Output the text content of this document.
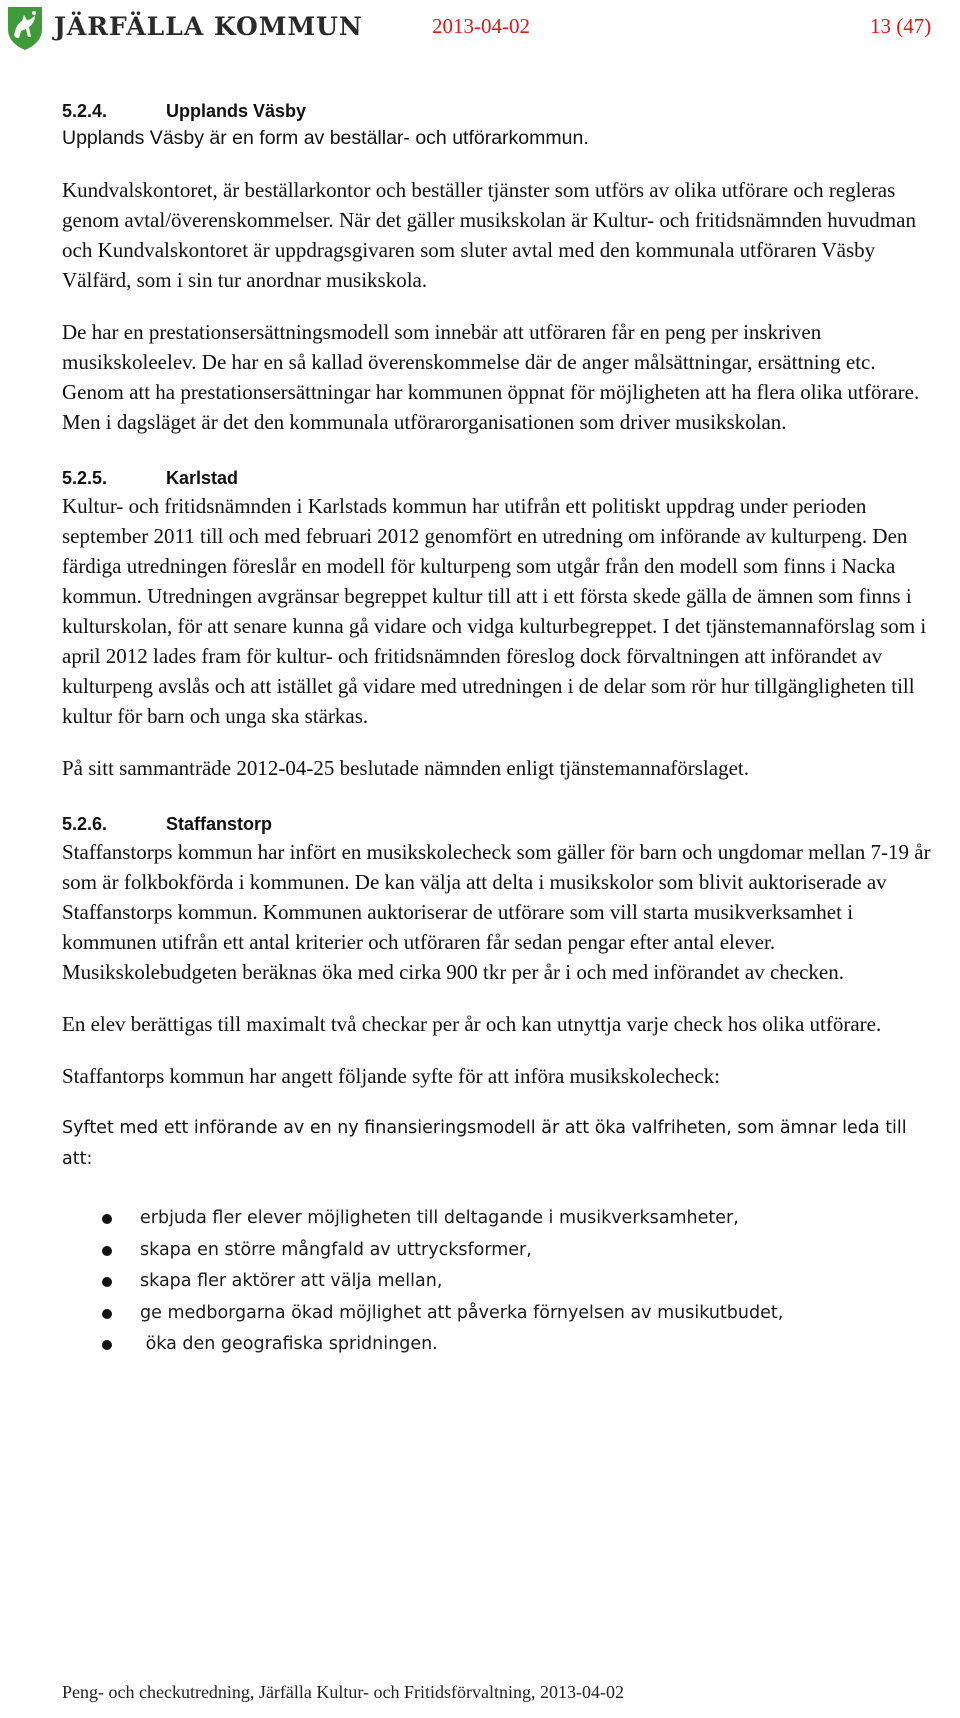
JÄRFÄLLA KOMMUN	2013-04-02	13 (47)
5.2.4.	Upplands Väsby

Upplands Väsby är en form av beställar- och utförarkommun.

Kundvalskontoret, är beställarkontor och beställer tjänster som utförs av olika utförare och regleras genom avtal/överenskommelser. När det gäller musikskolan är Kultur- och fritidsnämnden huvudman och Kundvalskontoret är uppdragsgivaren som sluter avtal med den kommunala utföraren Väsby Välfärd, som i sin tur anordnar musikskola.

De har en prestationsersättningsmodell som innebär att utföraren får en peng per inskriven musikskoleelev. De har en så kallad överenskommelse där de anger målsättningar, ersättning etc. Genom att ha prestationsersättningar har kommunen öppnat för möjligheten att ha flera olika utförare. Men i dagsläget är det den kommunala utförarorganisationen som driver musikskolan.

5.2.5.	Karlstad

Kultur- och fritidsnämnden i Karlstads kommun har utifrån ett politiskt uppdrag under perioden september 2011 till och med februari 2012 genomfört en utredning om införande av kulturpeng. Den färdiga utredningen föreslår en modell för kulturpeng som utgår från den modell som finns i Nacka kommun. Utredningen avgränsar begreppet kultur till att i ett första skede gälla de ämnen som finns i kulturskolan, för att senare kunna gå vidare och vidga kulturbegreppet. I det tjänstemannaförslag som i april 2012 lades fram för kultur- och fritidsnämnden föreslog dock förvaltningen att införandet av kulturpeng avslås och att istället gå vidare med utredningen i de delar som rör hur tillgängligheten till kultur för barn och unga ska stärkas.

På sitt sammanträde 2012-04-25 beslutade nämnden enligt tjänstemannaförslaget.

5.2.6.	Staffanstorp

Staffanstorps kommun har infört en musikskolecheck som gäller för barn och ungdomar mellan 7-19 år som är folkbokförda i kommunen. De kan välja att delta i musikskolor som blivit auktoriserade av Staffanstorps kommun. Kommunen auktoriserar de utförare som vill starta musikverksamhet i kommunen utifrån ett antal kriterier och utföraren får sedan pengar efter antal elever. Musikskolebudgeten beräknas öka med cirka 900 tkr per år i och med införandet av checken.

En elev berättigas till maximalt två checkar per år och kan utnyttja varje check hos olika utförare.

Staffantorps kommun har angett följande syfte för att införa musikskolecheck:

Syftet med ett införande av en ny finansieringsmodell är att öka valfriheten, som ämnar leda till att:

erbjuda fler elever möjligheten till deltagande i musikverksamheter,
skapa en större mångfald av uttrycksformer,
skapa fler aktörer att välja mellan,
ge medborgarna ökad möjlighet att påverka förnyelsen av musikutbudet,
öka den geografiska spridningen.
Peng- och checkutredning, Järfälla Kultur- och Fritidsförvaltning, 2013-04-02
